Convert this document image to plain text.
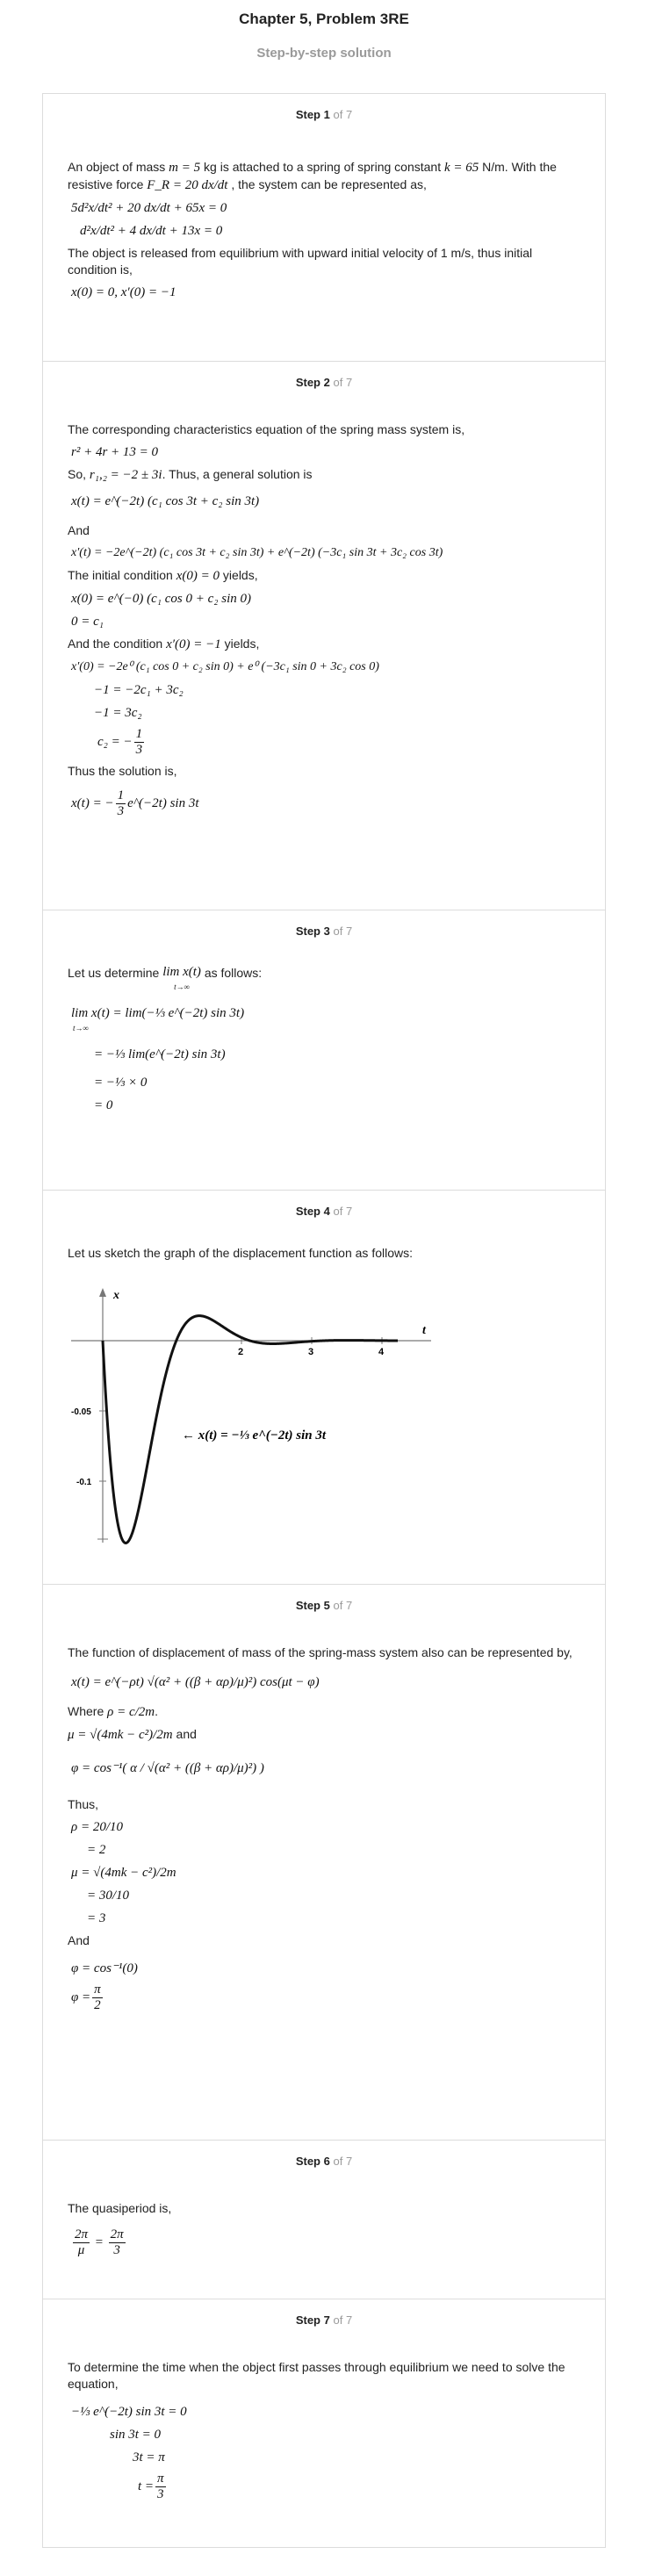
Chapter 5, Problem 3RE
Step-by-step solution
Step 1 of 7
An object of mass m = 5 kg is attached to a spring of spring constant k = 65 N/m. With the resistive force F_R = 20 dx/dt , the system can be represented as,
5d²x/dt² + 20 dx/dt + 65x = 0
d²x/dt² + 4 dx/dt + 13x = 0
The object is released from equilibrium with upward initial velocity of 1 m/s, thus initial condition is,
x(0) = 0, x′(0) = −1
Step 2 of 7
The corresponding characteristics equation of the spring mass system is,
r² + 4r + 13 = 0
So, r₁,₂ = −2 ± 3i. Thus, a general solution is
x(t) = e^(−2t) (c₁ cos 3t + c₂ sin 3t)
And
x′(t) = −2e^(−2t) (c₁ cos 3t + c₂ sin 3t) + e^(−2t) (−3c₁ sin 3t + 3c₂ cos 3t)
The initial condition x(0) = 0 yields,
x(0) = e^(−0) (c₁ cos 0 + c₂ sin 0)
0 = c₁
And the condition x′(0) = −1 yields,
x′(0) = −2e⁰ (c₁ cos 0 + c₂ sin 0) + e⁰ (−3c₁ sin 0 + 3c₂ cos 0)
−1 = −2c₁ + 3c₂
−1 = 3c₂
c₂ = − $\frac{1}{3}$
Thus the solution is,
x(t) = − $\frac{1}{3}$ e^(−2t) sin 3t
Step 3 of 7
Let us determine lim x(t)
t→∞ as follows:
lim x(t) = lim(−⅓ e^(−2t) sin 3t)
t→∞
= −⅓ lim(e^(−2t) sin 3t)
= −⅓ × 0
= 0
Step 4 of 7
Let us sketch the graph of the displacement function as follows:
x
t
2	3	4
-0.05
-0.1
← x(t) = −⅓ e^(−2t) sin 3t
Step 5 of 7
The function of displacement of mass of the spring-mass system also can be represented by,
x(t) = e^(−ρt) √(α² + ((β + αρ)/μ)²) cos(μt − φ)
Where ρ = c/2m.
μ = √(4mk − c²)/2m and
φ = cos⁻¹( α / √(α² + ((β + αρ)/μ)²) )
Thus,
ρ = 20/10
= 2
μ = √(4mk − c²)/2m
= 30/10
= 3
And
φ = cos⁻¹(0)
$\varphi = \frac{\pi}{2}$
Step 6 of 7
The quasiperiod is,
$\frac{2\pi}{\mu} = \frac{2\pi}{3}$
Step 7 of 7
To determine the time when the object first passes through equilibrium we need to solve the equation,
−⅓ e^(−2t) sin 3t = 0
sin 3t = 0
3t = π
$t = \frac{\pi}{3}$
